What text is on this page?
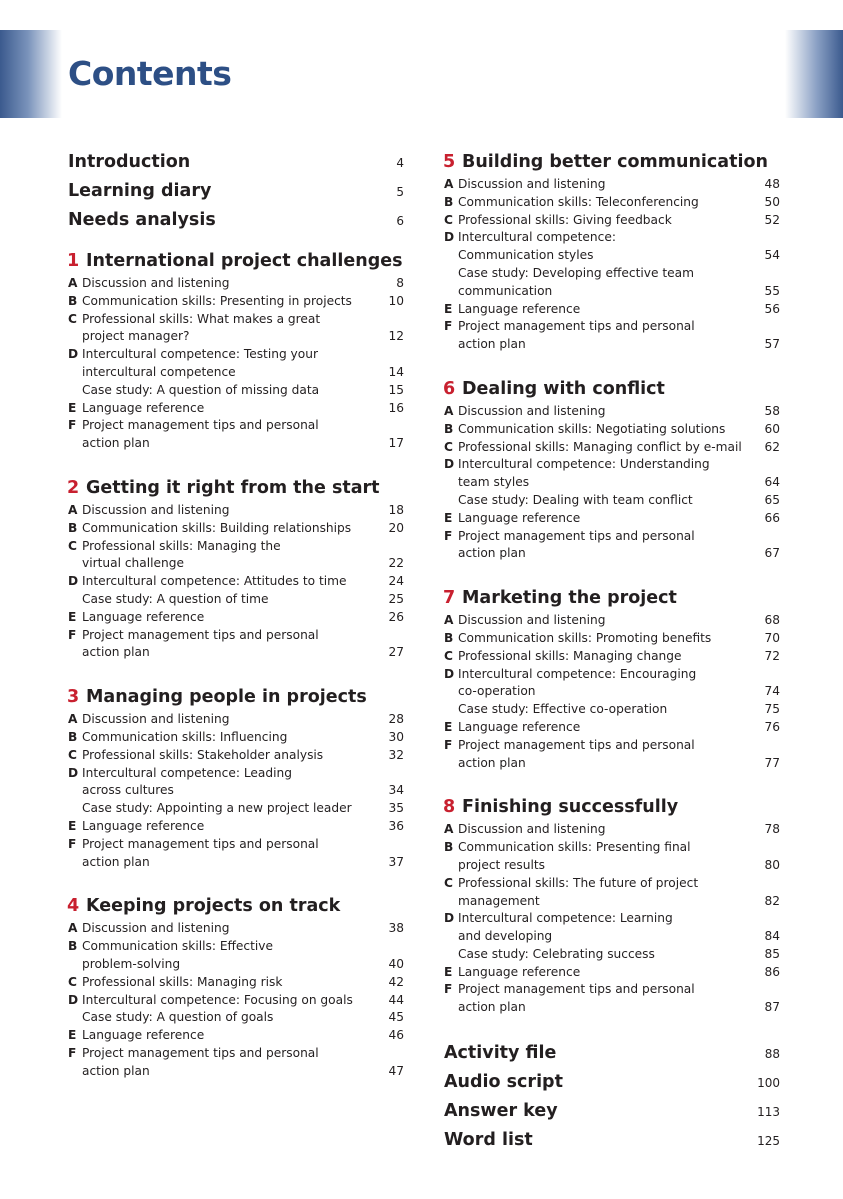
Contents
Introduction	4
Learning diary	5
Needs analysis	6
1 International project challenges
A Discussion and listening	8
B Communication skills: Presenting in projects	10
C Professional skills: What makes a great
project manager?	12
D Intercultural competence: Testing your
intercultural competence	14
Case study: A question of missing data	15
E Language reference	16
F Project management tips and personal
action plan	17
2 Getting it right from the start
A Discussion and listening	18
B Communication skills: Building relationships	20
C Professional skills: Managing the
virtual challenge	22
D Intercultural competence: Attitudes to time	24
Case study: A question of time	25
E Language reference	26
F Project management tips and personal
action plan	27
3 Managing people in projects
A Discussion and listening	28
B Communication skills: Influencing	30
C Professional skills: Stakeholder analysis	32
D Intercultural competence: Leading
across cultures	34
Case study: Appointing a new project leader	35
E Language reference	36
F Project management tips and personal
action plan	37
4 Keeping projects on track
A Discussion and listening	38
B Communication skills: Effective
problem-solving	40
C Professional skills: Managing risk	42
D Intercultural competence: Focusing on goals	44
Case study: A question of goals	45
E Language reference	46
F Project management tips and personal
action plan	47
5 Building better communication
A Discussion and listening	48
B Communication skills: Teleconferencing	50
C Professional skills: Giving feedback	52
D Intercultural competence:
Communication styles	54
Case study: Developing effective team
communication	55
E Language reference	56
F Project management tips and personal
action plan	57
6 Dealing with conflict
A Discussion and listening	58
B Communication skills: Negotiating solutions	60
C Professional skills: Managing conflict by e-mail	62
D Intercultural competence: Understanding
team styles	64
Case study: Dealing with team conflict	65
E Language reference	66
F Project management tips and personal
action plan	67
7 Marketing the project
A Discussion and listening	68
B Communication skills: Promoting benefits	70
C Professional skills: Managing change	72
D Intercultural competence: Encouraging
co-operation	74
Case study: Effective co-operation	75
E Language reference	76
F Project management tips and personal
action plan	77
8 Finishing successfully
A Discussion and listening	78
B Communication skills: Presenting final
project results	80
C Professional skills: The future of project
management	82
D Intercultural competence: Learning
and developing	84
Case study: Celebrating success	85
E Language reference	86
F Project management tips and personal
action plan	87
Activity file	88
Audio script	100
Answer key	113
Word list	125
